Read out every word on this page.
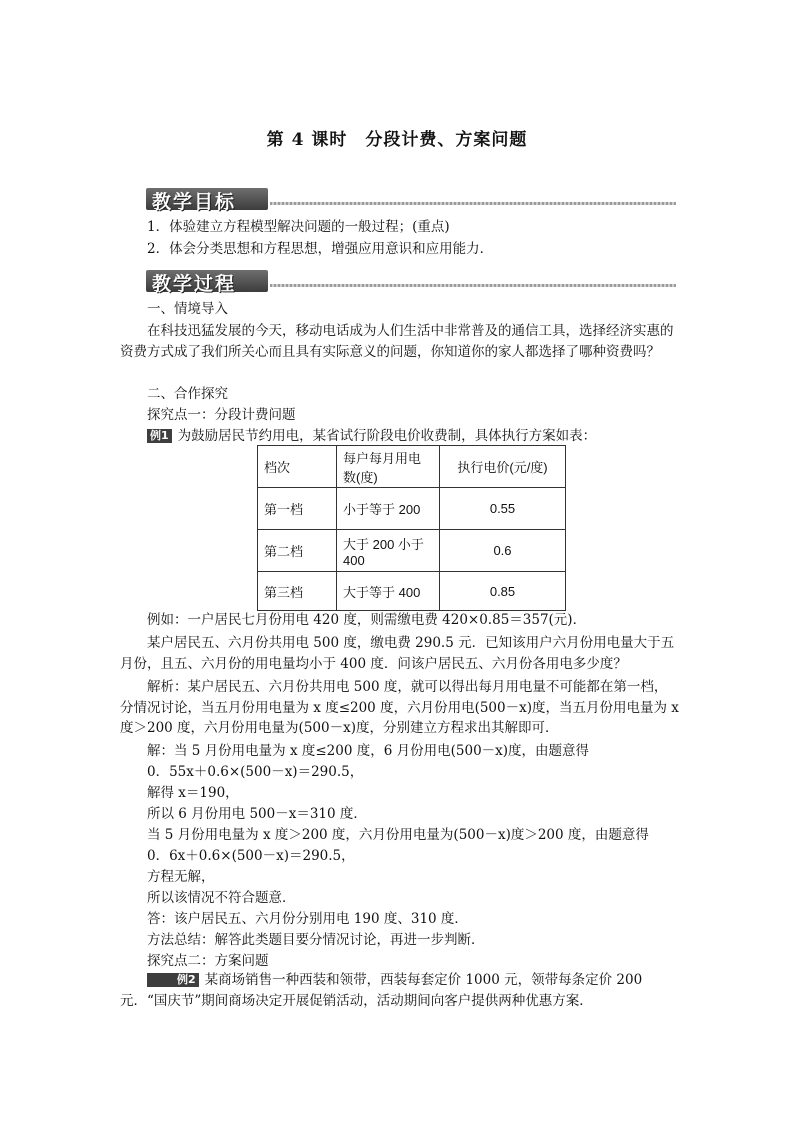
第 4 课时　分段计费、方案问题
教学目标
1．体验建立方程模型解决问题的一般过程；(重点)
2．体会分类思想和方程思想，增强应用意识和应用能力．
教学过程
一、情境导入
在科技迅猛发展的今天，移动电话成为人们生活中非常普及的通信工具，选择经济实惠的资费方式成了我们所关心而且具有实际意义的问题，你知道你的家人都选择了哪种资费吗？
二、合作探究
探究点一：分段计费问题
例1 为鼓励居民节约用电，某省试行阶段电价收费制，具体执行方案如表：
档次	每户每月用电数(度)	执行电价(元/度)
第一档	小于等于 200	0.55
第二档	大于 200 小于 400	0.6
第三档	大于等于 400	0.85
例如：一户居民七月份用电 420 度，则需缴电费 420×0.85＝357(元)．
某户居民五、六月份共用电 500 度，缴电费 290.5 元．已知该用户六月份用电量大于五月份，且五、六月份的用电量均小于 400 度．问该户居民五、六月份各用电多少度？
解析：某户居民五、六月份共用电 500 度，就可以得出每月用电量不可能都在第一档，分情况讨论，当五月份用电量为 x 度≤200 度，六月份用电(500－x)度，当五月份用电量为 x 度＞200 度，六月份用电量为(500－x)度，分别建立方程求出其解即可．
解：当 5 月份用电量为 x 度≤200 度，6 月份用电(500－x)度，由题意得
0．55x＋0.6×(500－x)＝290.5，
解得 x＝190，
所以 6 月份用电 500－x＝310 度．
当 5 月份用电量为 x 度＞200 度，六月份用电量为(500－x)度＞200 度，由题意得
0．6x＋0.6×(500－x)＝290.5，
方程无解，
所以该情况不符合题意．
答：该户居民五、六月份分别用电 190 度、310 度．
方法总结：解答此类题目要分情况讨论，再进一步判断．
探究点二：方案问题
例2 某商场销售一种西装和领带，西装每套定价 1000 元，领带每条定价 200 元．“国庆节”期间商场决定开展促销活动，活动期间向客户提供两种优惠方案．
